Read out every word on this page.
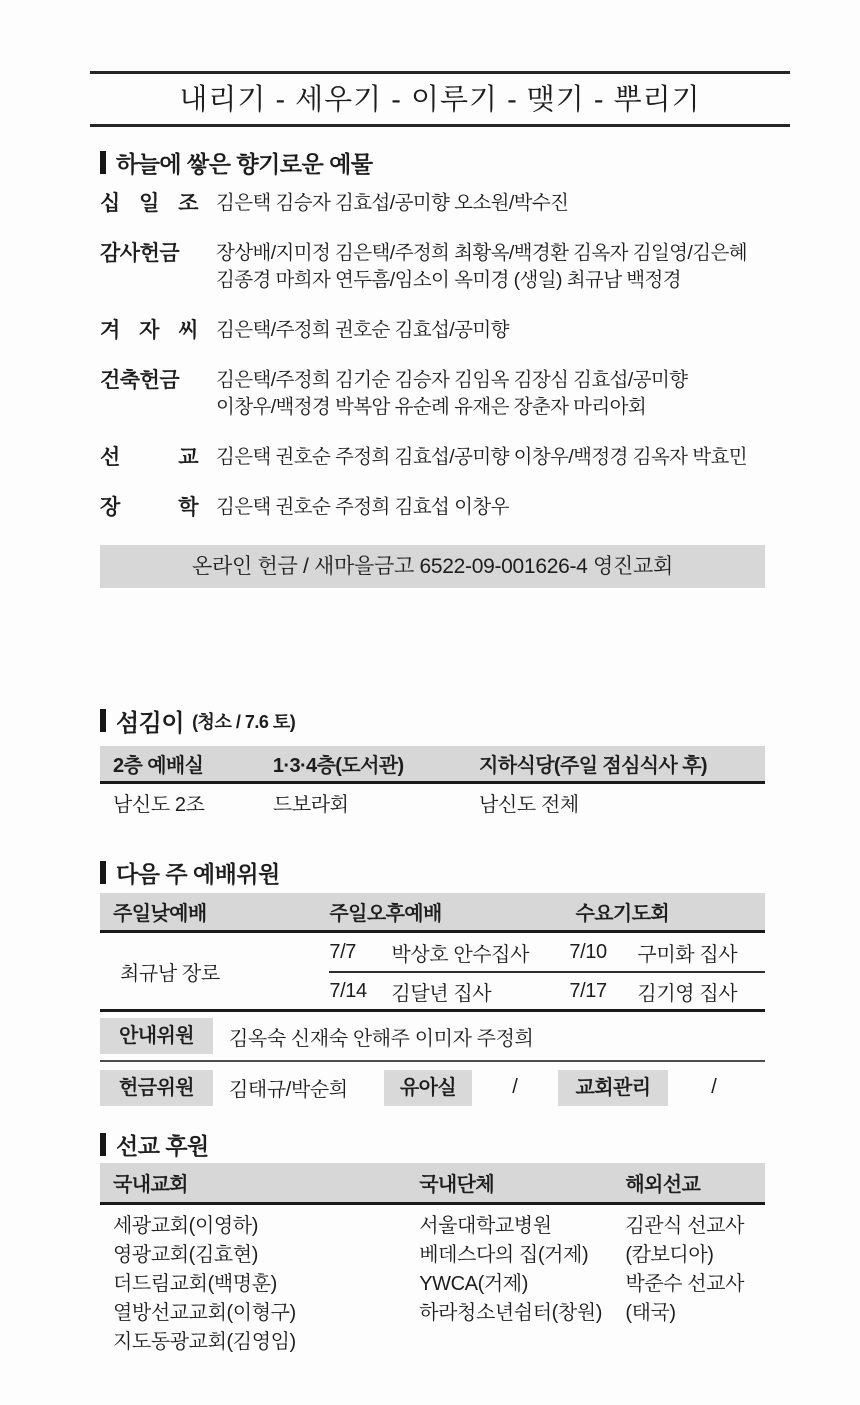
내리기 - 세우기 - 이루기 - 맺기 - 뿌리기
하늘에 쌓은 향기로운 예물
십 일 조 김은택 김승자 김효섭/공미향 오소원/박수진
감사헌금	장상배/지미정 김은택/주정희 최황옥/백경환 김옥자 김일영/김은혜
김종경 마희자 연두흠/임소이 옥미경 (생일) 최규남 백정경
겨 자 씨 김은택/주정희 권호순 김효섭/공미향
건축헌금	김은택/주정희 김기순 김승자 김임옥 김장심 김효섭/공미향
이창우/백정경 박복암 유순례 유재은 장춘자 마리아회
선 교 김은택 권호순 주정희 김효섭/공미향 이창우/백정경 김옥자 박효민
장 학 김은택 권호순 주정희 김효섭 이창우
온라인 헌금 / 새마을금고 6522-09-001626-4 영진교회
섬김이 (청소 / 7.6 토)
2층 예배실	1·3·4층(도서관)	지하식당(주일 점심식사 후)
남신도 2조	드보라회	남신도 전체
다음 주 예배위원
주일낮예배	주일오후예배	수요기도회
최규남 장로
7/7	박상호 안수집사	7/10	구미화 집사
7/14	김달년 집사	7/17	김기영 집사
안내위원	김옥숙 신재숙 안해주 이미자 주정희
헌금위원	김태규/박순희	유아실	/	교회관리	/
선교 후원
국내교회	국내단체	해외선교
세광교회(이영하)	서울대학교병원	김관식 선교사
영광교회(김효현)	베데스다의 집(거제)	(캄보디아)
더드림교회(백명훈)	YWCA(거제)	박준수 선교사
열방선교교회(이형구)	하라청소년쉼터(창원)	(태국)
지도동광교회(김영임)
